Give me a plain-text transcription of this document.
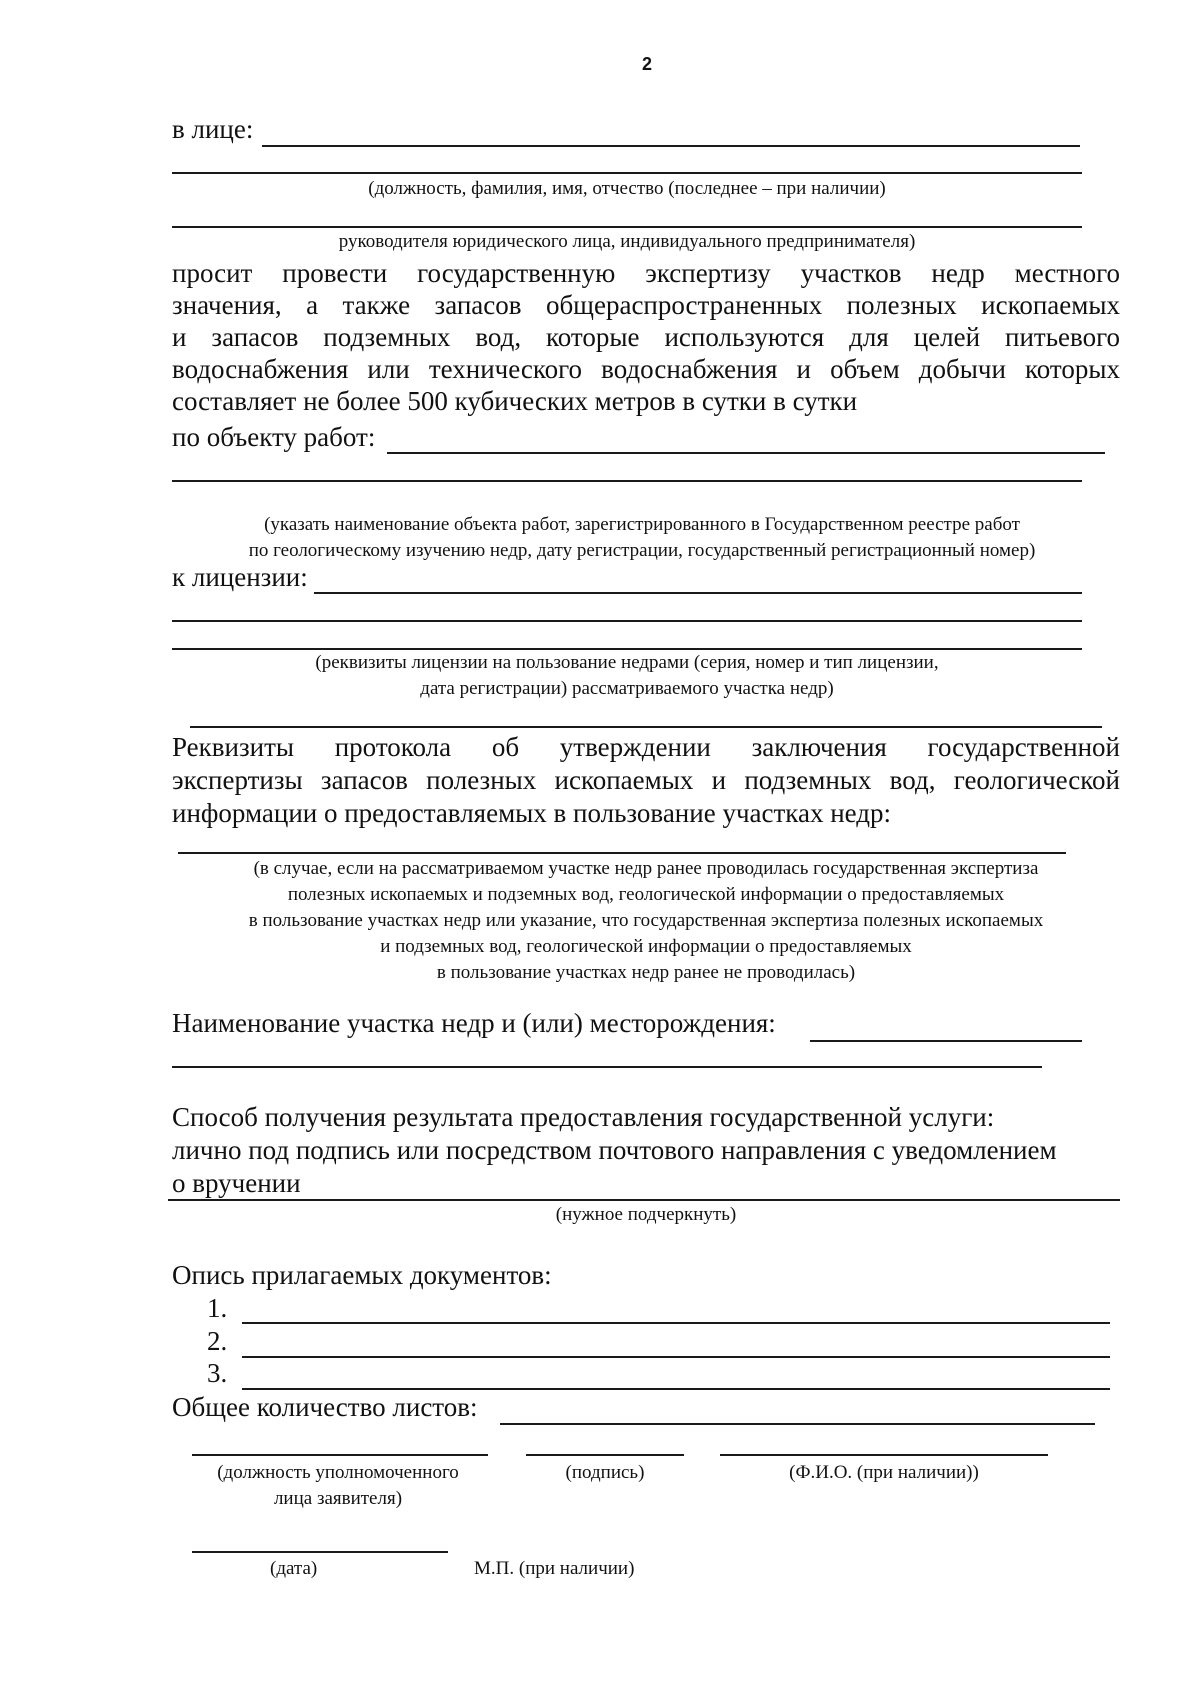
2
в лице:
(должность, фамилия, имя, отчество (последнее – при наличии)
руководителя юридического лица, индивидуального предпринимателя)
просит провести государственную экспертизу участков недр местного
значения, а также запасов общераспространенных полезных ископаемых
и запасов подземных вод, которые используются для целей питьевого
водоснабжения или технического водоснабжения и объем добычи которых
составляет не более 500 кубических метров в сутки в сутки
по объекту работ:
(указать наименование объекта работ, зарегистрированного в Государственном реестре работ
по геологическому изучению недр, дату регистрации, государственный регистрационный номер)
к лицензии:
(реквизиты лицензии на пользование недрами (серия, номер и тип лицензии,
дата регистрации) рассматриваемого участка недр)
Реквизиты протокола об утверждении заключения государственной
экспертизы запасов полезных ископаемых и подземных вод, геологической
информации о предоставляемых в пользование участках недр:
(в случае, если на рассматриваемом участке недр ранее проводилась государственная экспертиза
полезных ископаемых и подземных вод, геологической информации о предоставляемых
в пользование участках недр или указание, что государственная экспертиза полезных ископаемых
и подземных вод, геологической информации о предоставляемых
в пользование участках недр ранее не проводилась)
Наименование участка недр и (или) месторождения:
Способ получения результата предоставления государственной услуги:
лично под подпись или посредством почтового направления с уведомлением
о вручении
(нужное подчеркнуть)
Опись прилагаемых документов:
1.
2.
3.
Общее количество листов:
(должность уполномоченного
лица заявителя)
(подпись)	(Ф.И.О. (при наличии))
(дата)	М.П. (при наличии)
